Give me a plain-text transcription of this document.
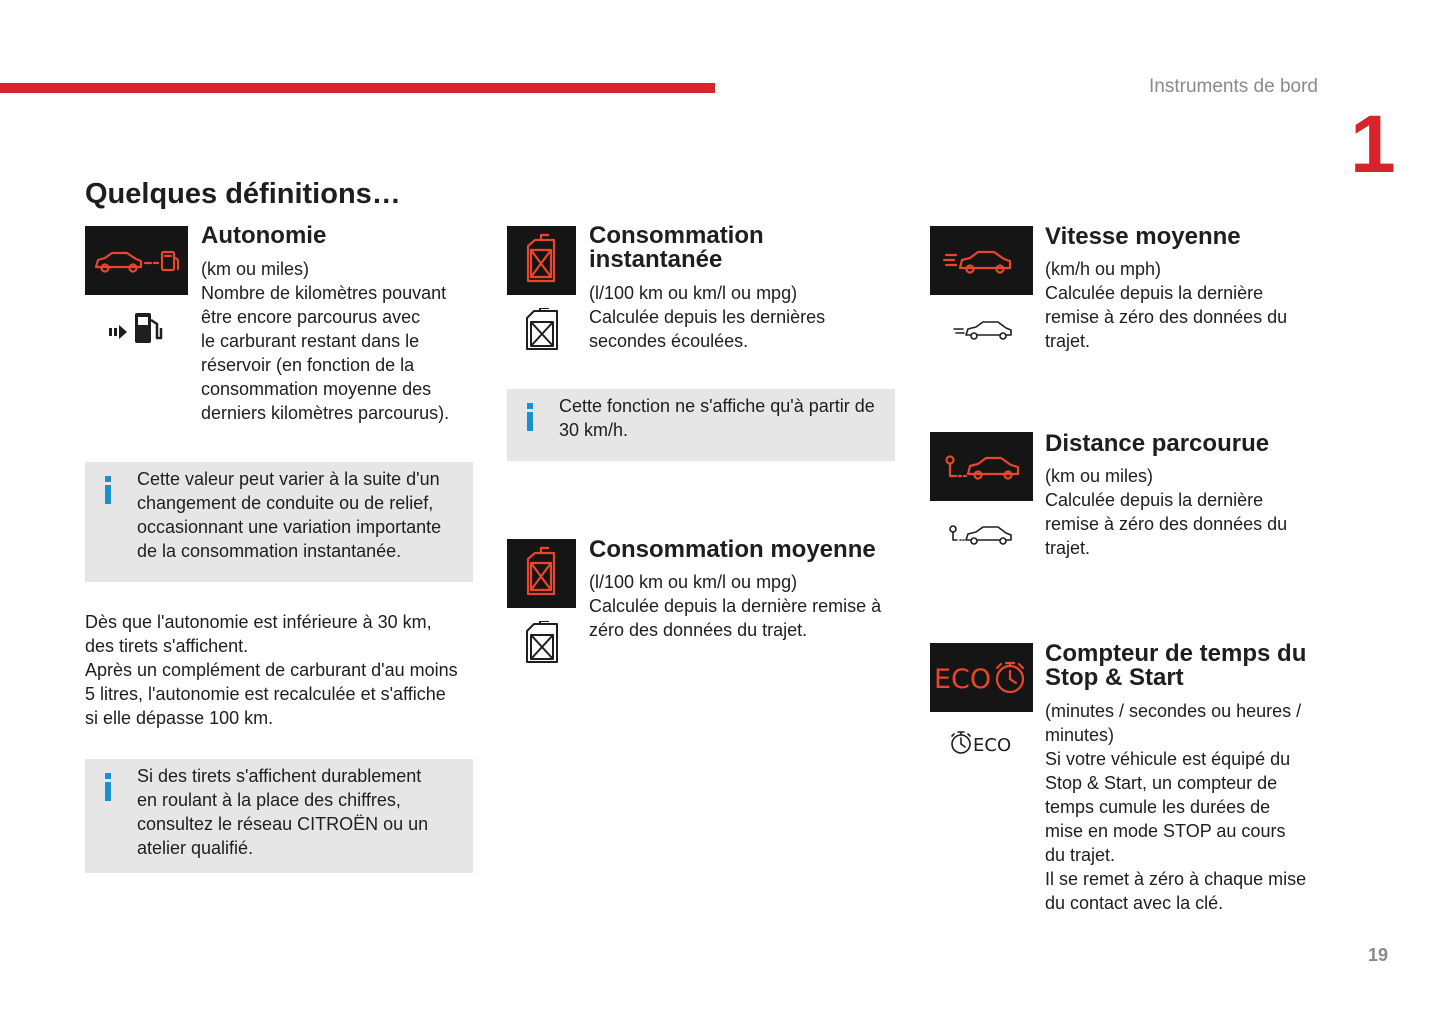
Instruments de bord
1
19
Quelques définitions…
Autonomie
(km ou miles)
Nombre de kilomètres pouvant
être encore parcourus avec
le carburant restant dans le
réservoir (en fonction de la
consommation moyenne des
derniers kilomètres parcourus).
Cette valeur peut varier à la suite d'un
changement de conduite ou de relief,
occasionnant une variation importante
de la consommation instantanée.
Dès que l'autonomie est inférieure à 30 km,
des tirets s'affichent.
Après un complément de carburant d'au moins
5 litres, l'autonomie est recalculée et s'affiche
si elle dépasse 100 km.
Si des tirets s'affichent durablement
en roulant à la place des chiffres,
consultez le réseau CITROËN ou un
atelier qualifié.
Consommation
instantanée
(l/100 km ou km/l ou mpg)
Calculée depuis les dernières
secondes écoulées.
Cette fonction ne s'affiche qu'à partir de
30 km/h.
Consommation moyenne
(l/100 km ou km/l ou mpg)
Calculée depuis la dernière remise à
zéro des données du trajet.
Vitesse moyenne
(km/h ou mph)
Calculée depuis la dernière
remise à zéro des données du
trajet.
Distance parcourue
(km ou miles)
Calculée depuis la dernière
remise à zéro des données du
trajet.
ECO
ECO
Compteur de temps du
Stop & Start
(minutes / secondes ou heures /
minutes)
Si votre véhicule est équipé du
Stop & Start, un compteur de
temps cumule les durées de
mise en mode STOP au cours
du trajet.
Il se remet à zéro à chaque mise
du contact avec la clé.
